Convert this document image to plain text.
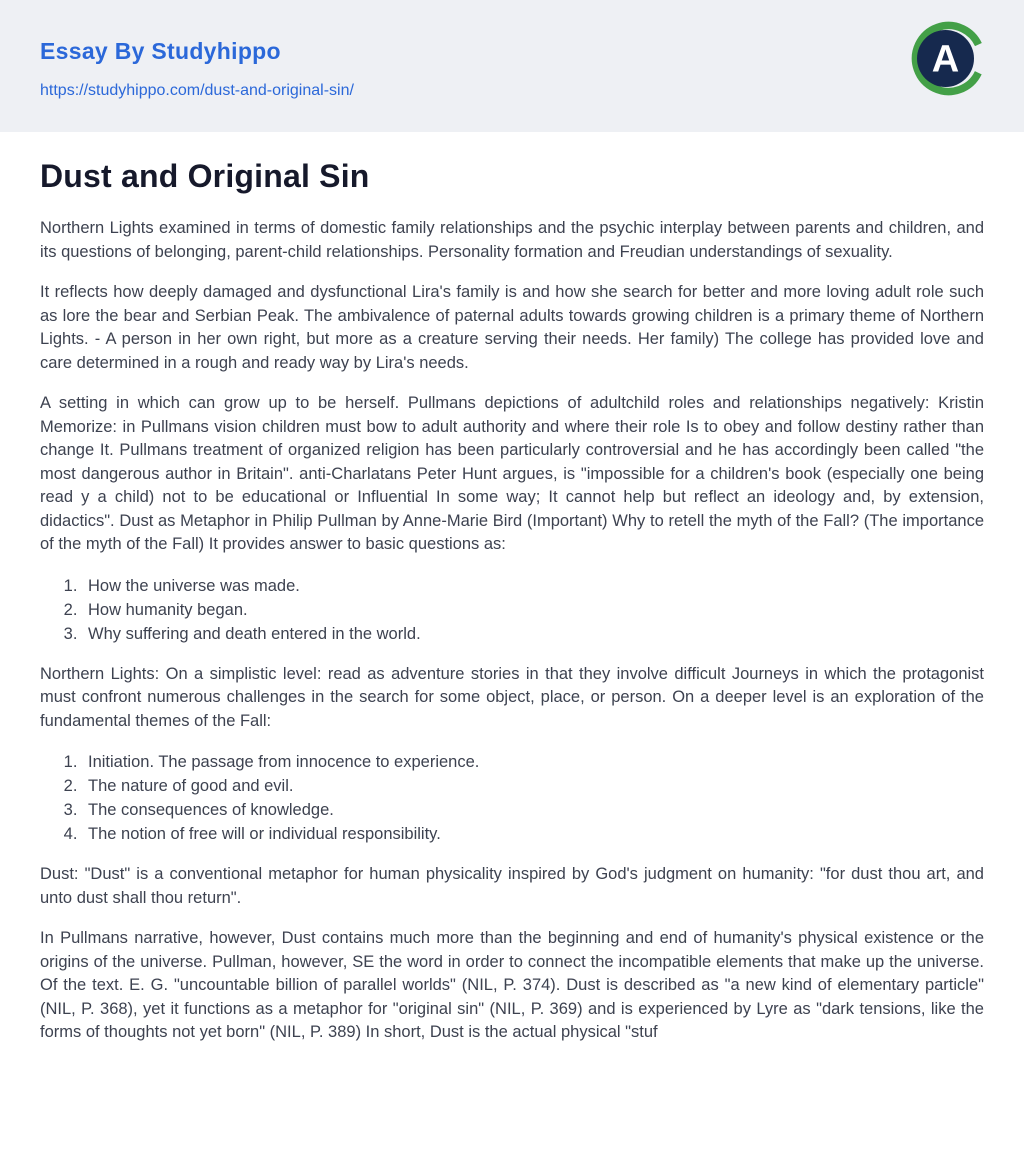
Essay By Studyhippo
https://studyhippo.com/dust-and-original-sin/
A
Dust and Original Sin

Northern Lights examined in terms of domestic family relationships and the psychic interplay between parents and children, and its questions of belonging, parent-child relationships. Personality formation and Freudian understandings of sexuality.

It reflects how deeply damaged and dysfunctional Lira's family is and how she search for better and more loving adult role such as lore the bear and Serbian Peak. The ambivalence of paternal adults towards growing children is a primary theme of Northern Lights. - A person in her own right, but more as a creature serving their needs. Her family) The college has provided love and care determined in a rough and ready way by Lira's needs.

A setting in which can grow up to be herself. Pullmans depictions of adultchild roles and relationships negatively: Kristin Memorize: in Pullmans vision children must bow to adult authority and where their role Is to obey and follow destiny rather than change It. Pullmans treatment of organized religion has been particularly controversial and he has accordingly been called "the most dangerous author in Britain". anti-Charlatans Peter Hunt argues, is "impossible for a children's book (especially one being read y a child) not to be educational or Influential In some way; It cannot help but reflect an ideology and, by extension, didactics". Dust as Metaphor in Philip Pullman by Anne-Marie Bird (Important) Why to retell the myth of the Fall? (The importance of the myth of the Fall) It provides answer to basic questions as:

1. How the universe was made.
2. How humanity began.
3. Why suffering and death entered in the world.

Northern Lights: On a simplistic level: read as adventure stories in that they involve difficult Journeys in which the protagonist must confront numerous challenges in the search for some object, place, or person. On a deeper level is an exploration of the fundamental themes of the Fall:

1. Initiation. The passage from innocence to experience.
2. The nature of good and evil.
3. The consequences of knowledge.
4. The notion of free will or individual responsibility.

Dust: "Dust" is a conventional metaphor for human physicality inspired by God's judgment on humanity: "for dust thou art, and unto dust shall thou return".

In Pullmans narrative, however, Dust contains much more than the beginning and end of humanity's physical existence or the origins of the universe. Pullman, however, SE the word in order to connect the incompatible elements that make up the universe. Of the text. E. G. "uncountable billion of parallel worlds" (NIL, P. 374). Dust is described as "a new kind of elementary particle" (NIL, P. 368), yet it functions as a metaphor for "original sin" (NIL, P. 369) and is experienced by Lyre as "dark tensions, like the forms of thoughts not yet born" (NIL, P. 389) In short, Dust is the actual physical "stuf
